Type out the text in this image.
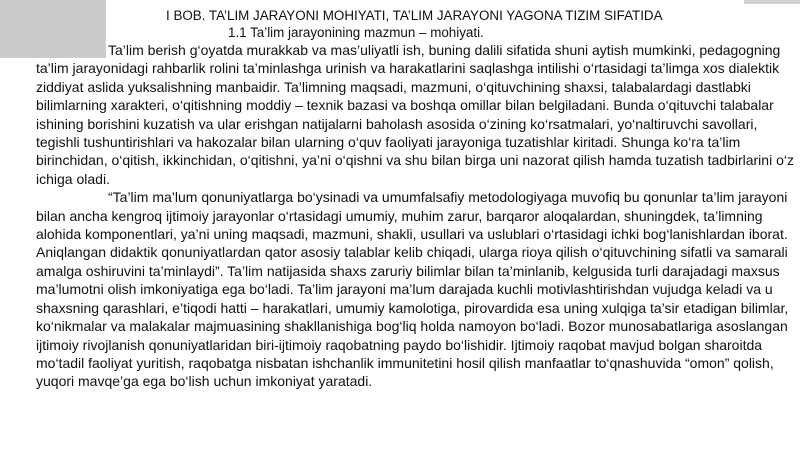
I BOB. TA’LIM JARAYONI MOHIYATI, TA’LIM JARAYONI YAGONA TIZIM SIFATIDA
1.1 Ta’lim jarayonining mazmun – mohiyati.

Ta’lim berish g‘oyatda murakkab va mas’uliyatli ish, buning dalili sifatida shuni aytish mumkinki, pedagogning ta’lim jarayonidagi rahbarlik rolini ta’minlashga urinish va harakatlarini saqlashga intilishi o‘rtasidagi ta’limga xos dialektik ziddiyat aslida yuksalishning manbaidir. Ta’limning maqsadi, mazmuni, o‘qituvchining shaxsi, talabalardagi dastlabki bilimlarning xarakteri, o‘qitishning moddiy – texnik bazasi va boshqa omillar bilan belgiladani. Bunda o‘qituvchi talabalar ishining borishini kuzatish va ular erishgan natijalarni baholash asosida o‘zining ko‘rsatmalari, yo‘naltiruvchi savollari, tegishli tushuntirishlari va hakozalar bilan ularning o‘quv faoliyati jarayoniga tuzatishlar kiritadi. Shunga ko‘ra ta’lim birinchidan, o‘qitish, ikkinchidan, o‘qitishni, ya’ni o‘qishni va shu bilan birga uni nazorat qilish hamda tuzatish tadbirlarini o‘z ichiga oladi.

“Ta’lim ma’lum qonuniyatlarga bo‘ysinadi va umumfalsafiy metodologiyaga muvofiq bu qonunlar ta’lim jarayoni bilan ancha kengroq ijtimoiy jarayonlar o‘rtasidagi umumiy, muhim zarur, barqaror aloqalardan, shuningdek, ta’limning alohida komponentlari, ya’ni uning maqsadi, mazmuni, shakli, usullari va uslublari o‘rtasidagi ichki bog‘lanishlardan iborat. Aniqlangan didaktik qonuniyatlardan qator asosiy talablar kelib chiqadi, ularga rioya qilish o‘qituvchining sifatli va samarali amalga oshiruvini ta’minlaydi”. Ta’lim natijasida shaxs zaruriy bilimlar bilan ta’minlanib, kelgusida turli darajadagi maxsus ma’lumotni olish imkoniyatiga ega bo‘ladi. Ta’lim jarayoni ma’lum darajada kuchli motivlashtirishdan vujudga keladi va u shaxsning qarashlari, e’tiqodi hatti – harakatlari, umumiy kamolotiga, pirovardida esa uning xulqiga ta’sir etadigan bilimlar, ko‘nikmalar va malakalar majmuasining shakllanishiga bog‘liq holda namoyon bo‘ladi. Bozor munosabatlariga asoslangan ijtimoiy rivojlanish qonuniyatlaridan biri-ijtimoiy raqobatning paydo bo‘lishidir. Ijtimoiy raqobat mavjud bolgan sharoitda mo‘tadil faoliyat yuritish, raqobatga nisbatan ishchanlik immunitetini hosil qilish manfaatlar to‘qnashuvida “omon” qolish, yuqori mavqe’ga ega bo‘lish uchun imkoniyat yaratadi.
